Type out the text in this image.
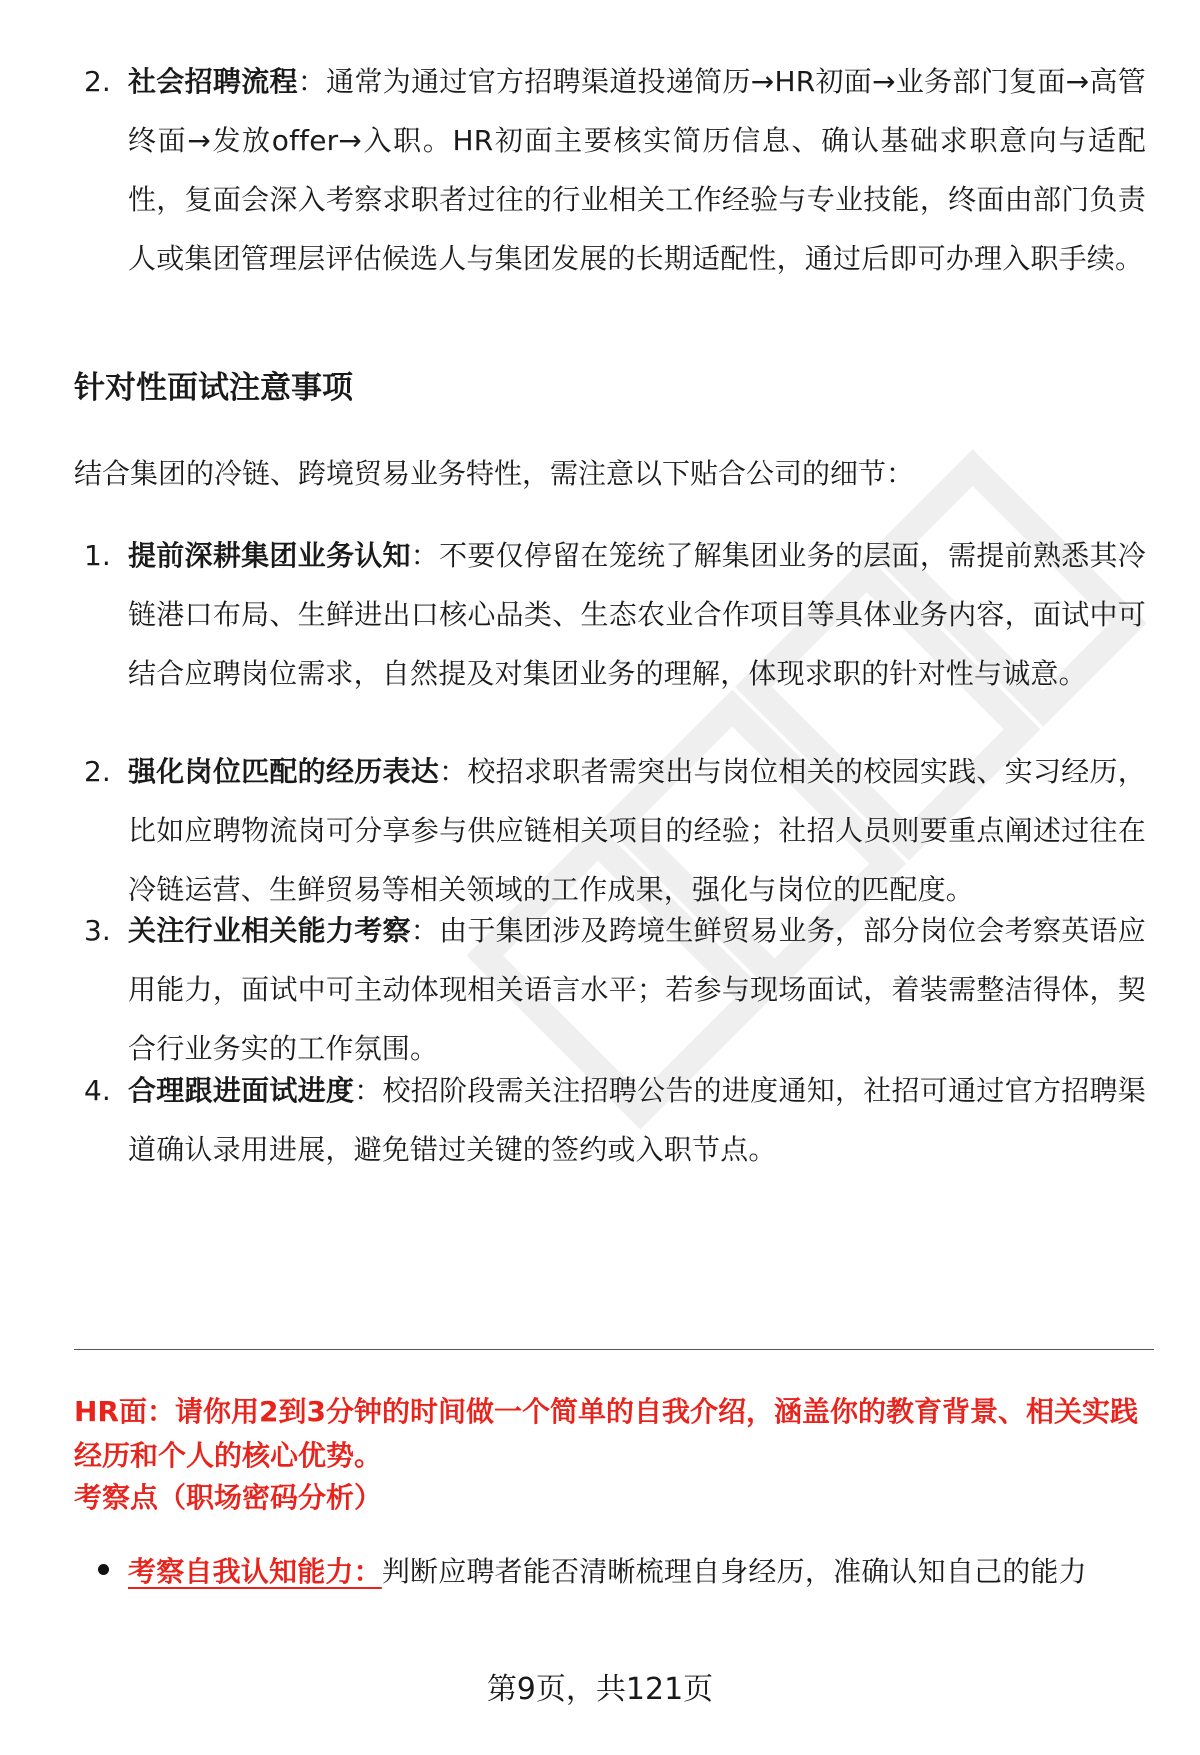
2. 社会招聘流程：通常为通过官方招聘渠道投递简历→HR初面→业务部门复面→高管终面→发放offer→入职。HR初面主要核实简历信息、确认基础求职意向与适配性，复面会深入考察求职者过往的行业相关工作经验与专业技能，终面由部门负责人或集团管理层评估候选人与集团发展的长期适配性，通过后即可办理入职手续。
针对性面试注意事项
结合集团的冷链、跨境贸易业务特性，需注意以下贴合公司的细节：
1. 提前深耕集团业务认知：不要仅停留在笼统了解集团业务的层面，需提前熟悉其冷链港口布局、生鲜进出口核心品类、生态农业合作项目等具体业务内容，面试中可结合应聘岗位需求，自然提及对集团业务的理解，体现求职的针对性与诚意。
2. 强化岗位匹配的经历表达：校招求职者需突出与岗位相关的校园实践、实习经历，比如应聘物流岗可分享参与供应链相关项目的经验；社招人员则要重点阐述过往在冷链运营、生鲜贸易等相关领域的工作成果，强化与岗位的匹配度。
3. 关注行业相关能力考察：由于集团涉及跨境生鲜贸易业务，部分岗位会考察英语应用能力，面试中可主动体现相关语言水平；若参与现场面试，着装需整洁得体，契合行业务实的工作氛围。
4. 合理跟进面试进度：校招阶段需关注招聘公告的进度通知，社招可通过官方招聘渠道确认录用进展，避免错过关键的签约或入职节点。
HR面：请你用2到3分钟的时间做一个简单的自我介绍，涵盖你的教育背景、相关实践经历和个人的核心优势。
考察点（职场密码分析）
考察自我认知能力：判断应聘者能否清晰梳理自身经历，准确认知自己的能力
第9页，共121页
